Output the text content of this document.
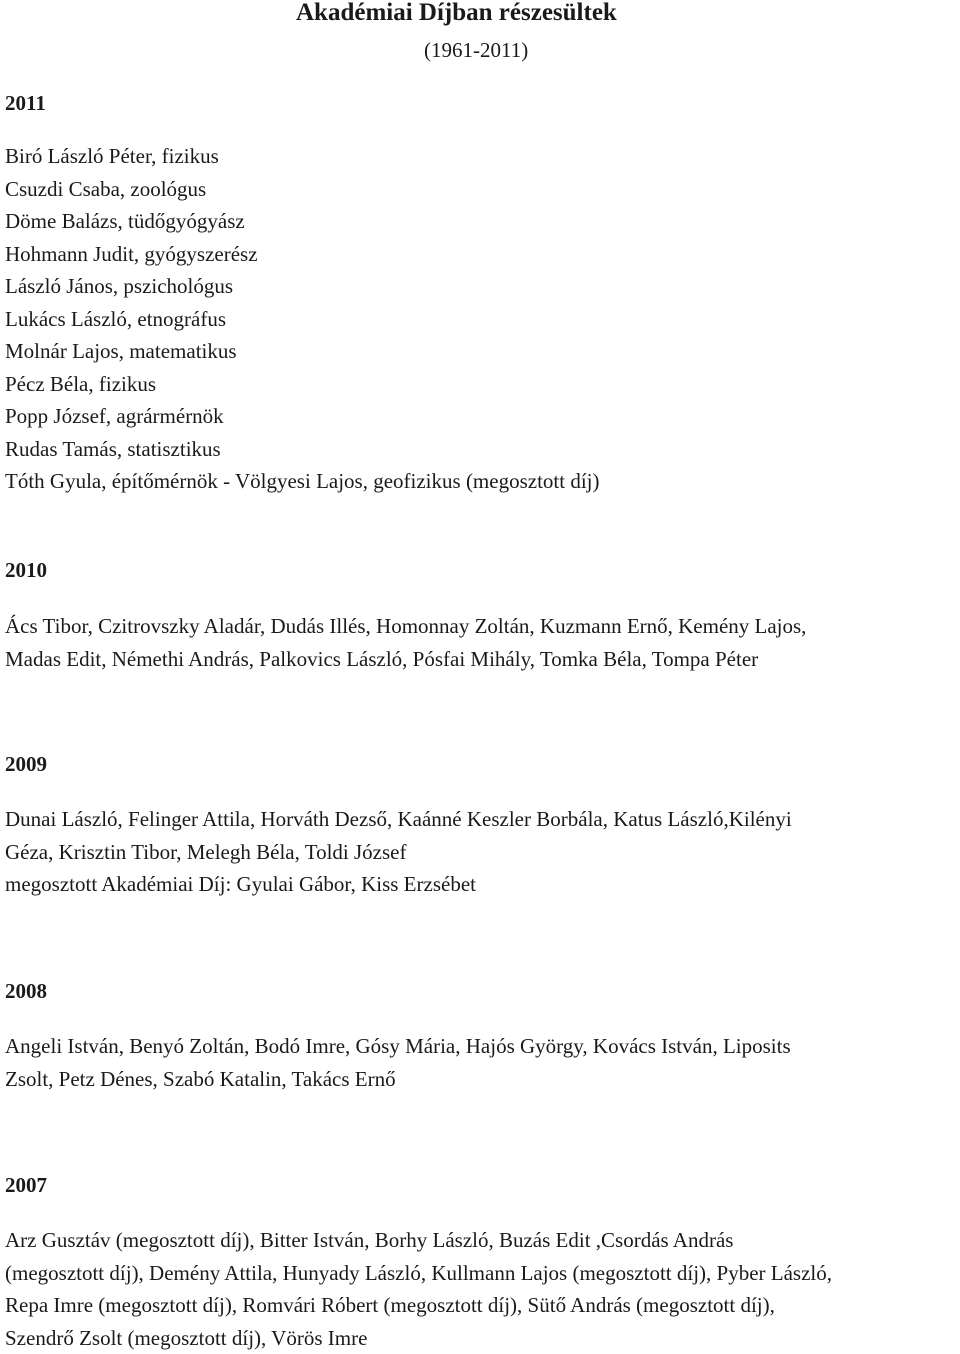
Akadémiai Díjban részesültek
(1961-2011)
2011
Biró László Péter, fizikus
Csuzdi Csaba, zoológus
Döme Balázs, tüdőgyógyász
Hohmann Judit, gyógyszerész
László János, pszichológus
Lukács László, etnográfus
Molnár Lajos, matematikus
Pécz Béla, fizikus
Popp József, agrármérnök
Rudas Tamás, statisztikus
Tóth Gyula, építőmérnök - Völgyesi Lajos, geofizikus (megosztott díj)
2010
Ács Tibor, Czitrovszky Aladár, Dudás Illés, Homonnay Zoltán, Kuzmann Ernő, Kemény Lajos,
Madas Edit, Némethi András, Palkovics László, Pósfai Mihály, Tomka Béla, Tompa Péter
2009
Dunai László, Felinger Attila, Horváth Dezső, Kaánné Keszler Borbála, Katus László,Kilényi
Géza, Krisztin Tibor, Melegh Béla, Toldi József
megosztott Akadémiai Díj: Gyulai Gábor, Kiss Erzsébet
2008
Angeli István, Benyó Zoltán, Bodó Imre, Gósy Mária, Hajós György, Kovács István, Liposits
Zsolt, Petz Dénes, Szabó Katalin, Takács Ernő
2007
Arz Gusztáv (megosztott díj), Bitter István, Borhy László, Buzás Edit ,Csordás András
(megosztott díj), Demény Attila, Hunyady László, Kullmann Lajos (megosztott díj), Pyber László,
Repa Imre (megosztott díj), Romvári Róbert (megosztott díj), Sütő András (megosztott díj),
Szendrő Zsolt (megosztott díj), Vörös Imre
